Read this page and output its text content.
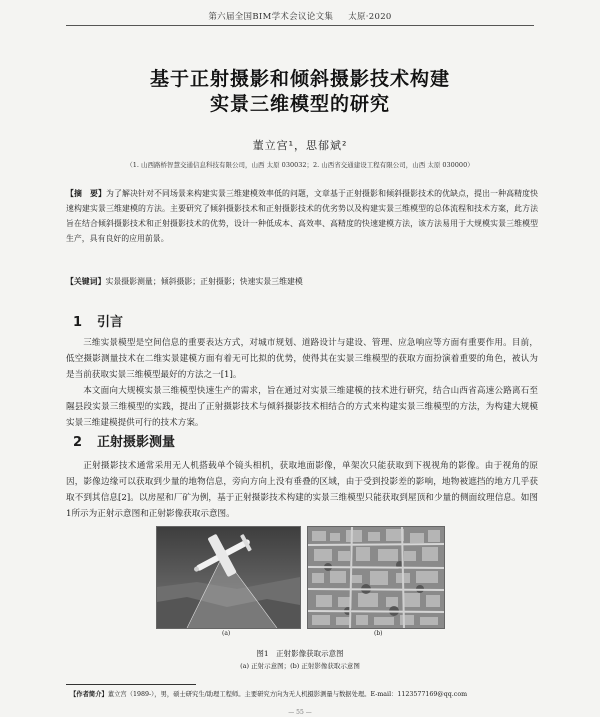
第六届全国BIM学术会议论文集 太原·2020
基于正射摄影和倾斜摄影技术构建
实景三维模型的研究
董立宫¹，思郁斌²
（1. 山西路桥智慧交通信息科技有限公司，山西 太原 030032；2. 山西省交通建设工程有限公司，山西 太原 030000）
【摘　要】为了解决针对不同场景来构建实景三维建模效率低的问题，文章基于正射摄影和倾斜摄影技术的优缺点，提出一种高精度快速构建实景三维建模的方法。主要研究了倾斜摄影技术和正射摄影技术的优劣势以及构建实景三维模型的总体流程和技术方案，此方法旨在结合倾斜摄影技术和正射摄影技术的优势，设计一种低成本、高效率、高精度的快速建模方法，该方法易用于大规模实景三维模型生产，具有良好的应用前景。
【关键词】实景摄影测量；倾斜摄影；正射摄影；快速实景三维建模
1 引言
三维实景模型是空间信息的重要表达方式，对城市规划、道路设计与建设、管理、应急响应等方面有重要作用。目前，低空摄影测量技术在二维实景建模方面有着无可比拟的优势，使得其在实景三维模型的获取方面扮演着重要的角色，被认为是当前获取实景三维模型最好的方法之一[1]。
本文面向大规模实景三维模型快速生产的需求，旨在通过对实景三维建模的技术进行研究，结合山西省高速公路离石至隰县段实景三维模型的实践，提出了正射摄影技术与倾斜摄影技术相结合的方式来构建实景三维模型的方法，为构建大规模实景三维建模提供可行的技术方案。
2 正射摄影测量
正射摄影技术通常采用无人机搭载单个镜头相机，获取地面影像，单架次只能获取到下视视角的影像。由于视角的原因，影像边缘可以获取到少量的地物信息，旁向方向上没有垂叠的区域，由于受到投影差的影响，地物被遮挡的地方几乎获取不到其信息[2]。以房屋和厂矿为例，基于正射摄影技术构建的实景三维模型只能获取到屋顶和少量的侧面纹理信息。如图1所示为正射示意图和正射影像获取示意图。
(a)	(b)
图1　正射影像获取示意图
(a) 正射示意图；(b) 正射影像获取示意图
【作者简介】董立宫（1989-），男，硕士研究生/助理工程师。主要研究方向为无人机摄影测量与数据处理。E-mail：1123577169@qq.com
— 55 —
